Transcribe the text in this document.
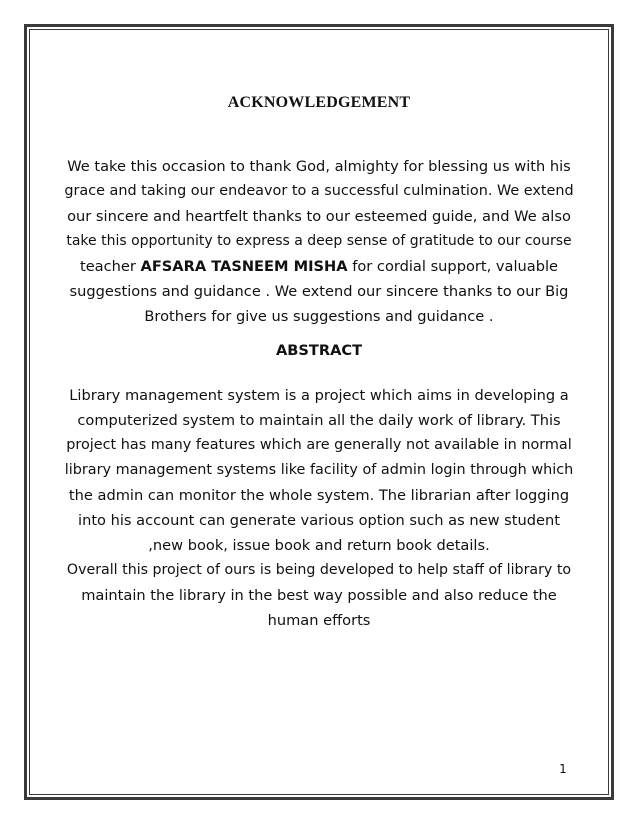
ACKNOWLEDGEMENT
We take this occasion to thank God, almighty for blessing us with his
grace and taking our endeavor to a successful culmination. We extend
our sincere and heartfelt thanks to our esteemed guide, and We also
take this opportunity to express a deep sense of gratitude to our course
teacher AFSARA TASNEEM MISHA for cordial support, valuable
suggestions and guidance . We extend our sincere thanks to our Big
Brothers for give us suggestions and guidance .
ABSTRACT
Library management system is a project which aims in developing a
computerized system to maintain all the daily work of library. This
project has many features which are generally not available in normal
library management systems like facility of admin login through which
the admin can monitor the whole system. The librarian after logging
into his account can generate various option such as new student
,new book, issue book and return book details.
Overall this project of ours is being developed to help staff of library to
maintain the library in the best way possible and also reduce the
human efforts
1
